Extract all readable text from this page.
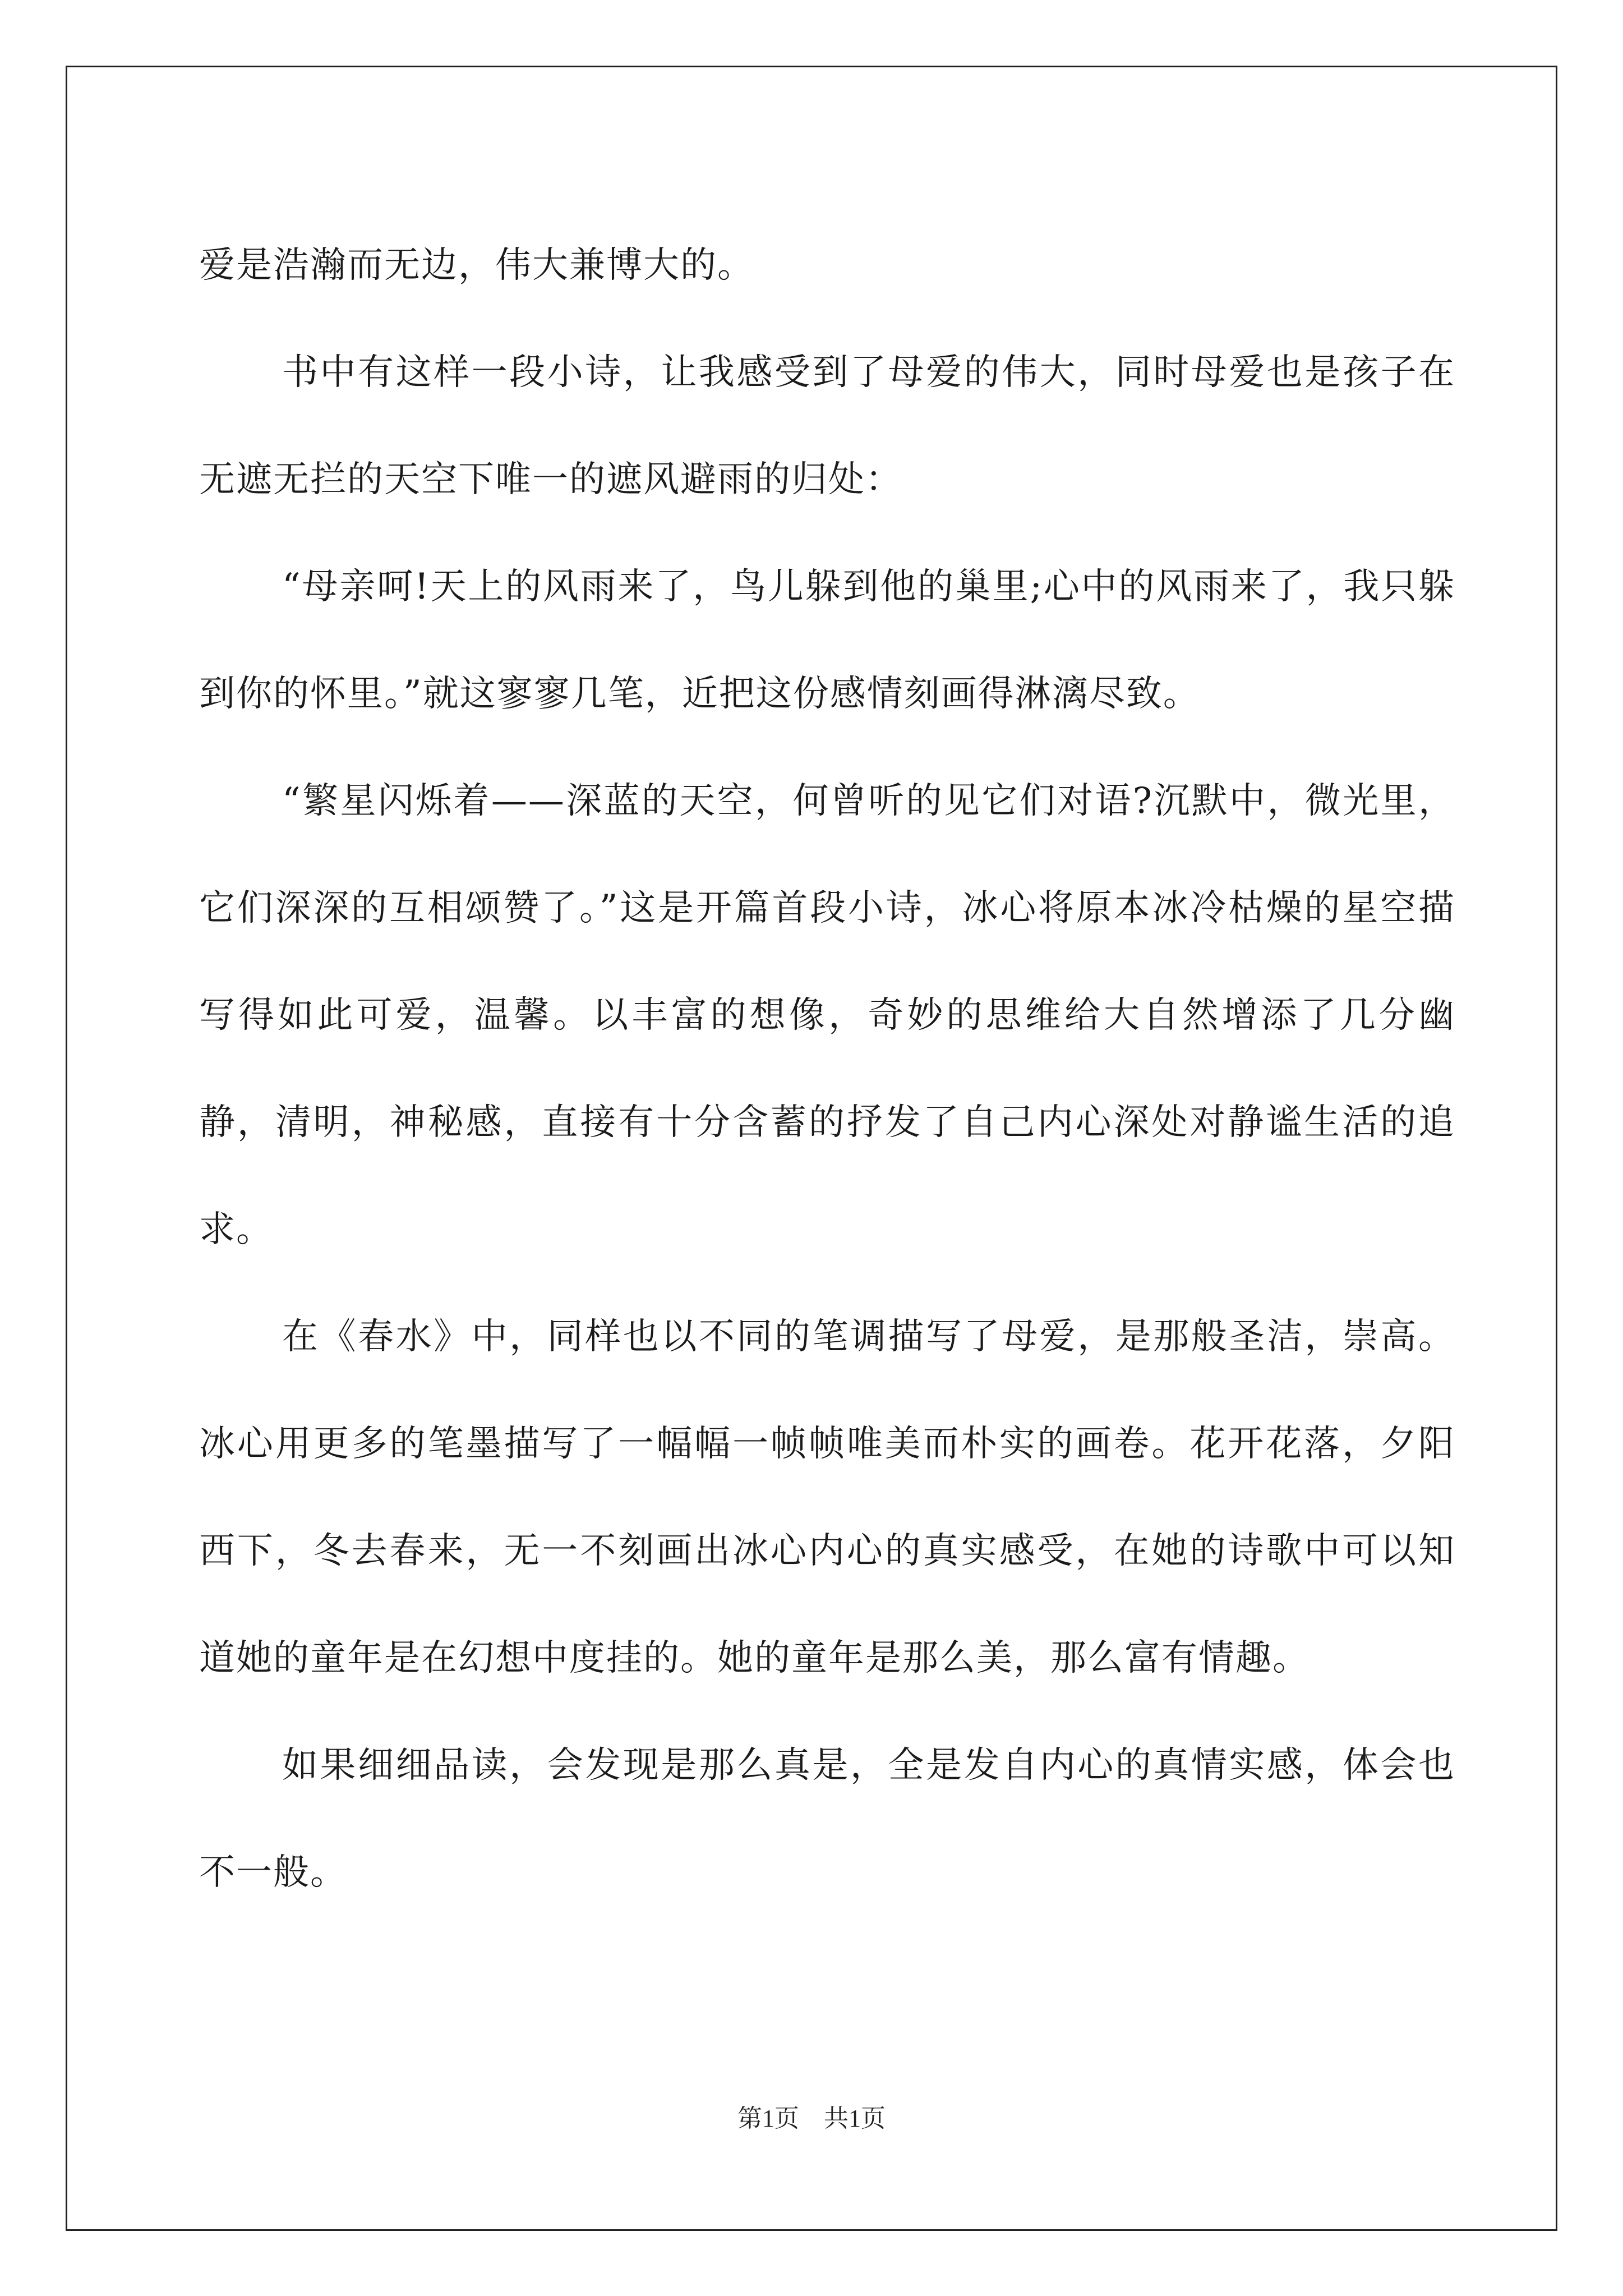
爱是浩瀚而无边，伟大兼博大的。

书中有这样一段小诗，让我感受到了母爱的伟大，同时母爱也是孩子在无遮无拦的天空下唯一的遮风避雨的归处：

“母亲呵!天上的风雨来了，鸟儿躲到他的巢里;心中的风雨来了，我只躲到你的怀里。”就这寥寥几笔，近把这份感情刻画得淋漓尽致。

“繁星闪烁着——深蓝的天空，何曾听的见它们对语?沉默中，微光里，它们深深的互相颂赞了。”这是开篇首段小诗，冰心将原本冰冷枯燥的星空描写得如此可爱，温馨。以丰富的想像，奇妙的思维给大自然增添了几分幽静，清明，神秘感，直接有十分含蓄的抒发了自己内心深处对静谧生活的追求。

在《春水》中，同样也以不同的笔调描写了母爱，是那般圣洁，崇高。冰心用更多的笔墨描写了一幅幅一帧帧唯美而朴实的画卷。花开花落，夕阳西下，冬去春来，无一不刻画出冰心内心的真实感受，在她的诗歌中可以知道她的童年是在幻想中度挂的。她的童年是那么美，那么富有情趣。

如果细细品读，会发现是那么真是，全是发自内心的真情实感，体会也不一般。

第1页　共1页
